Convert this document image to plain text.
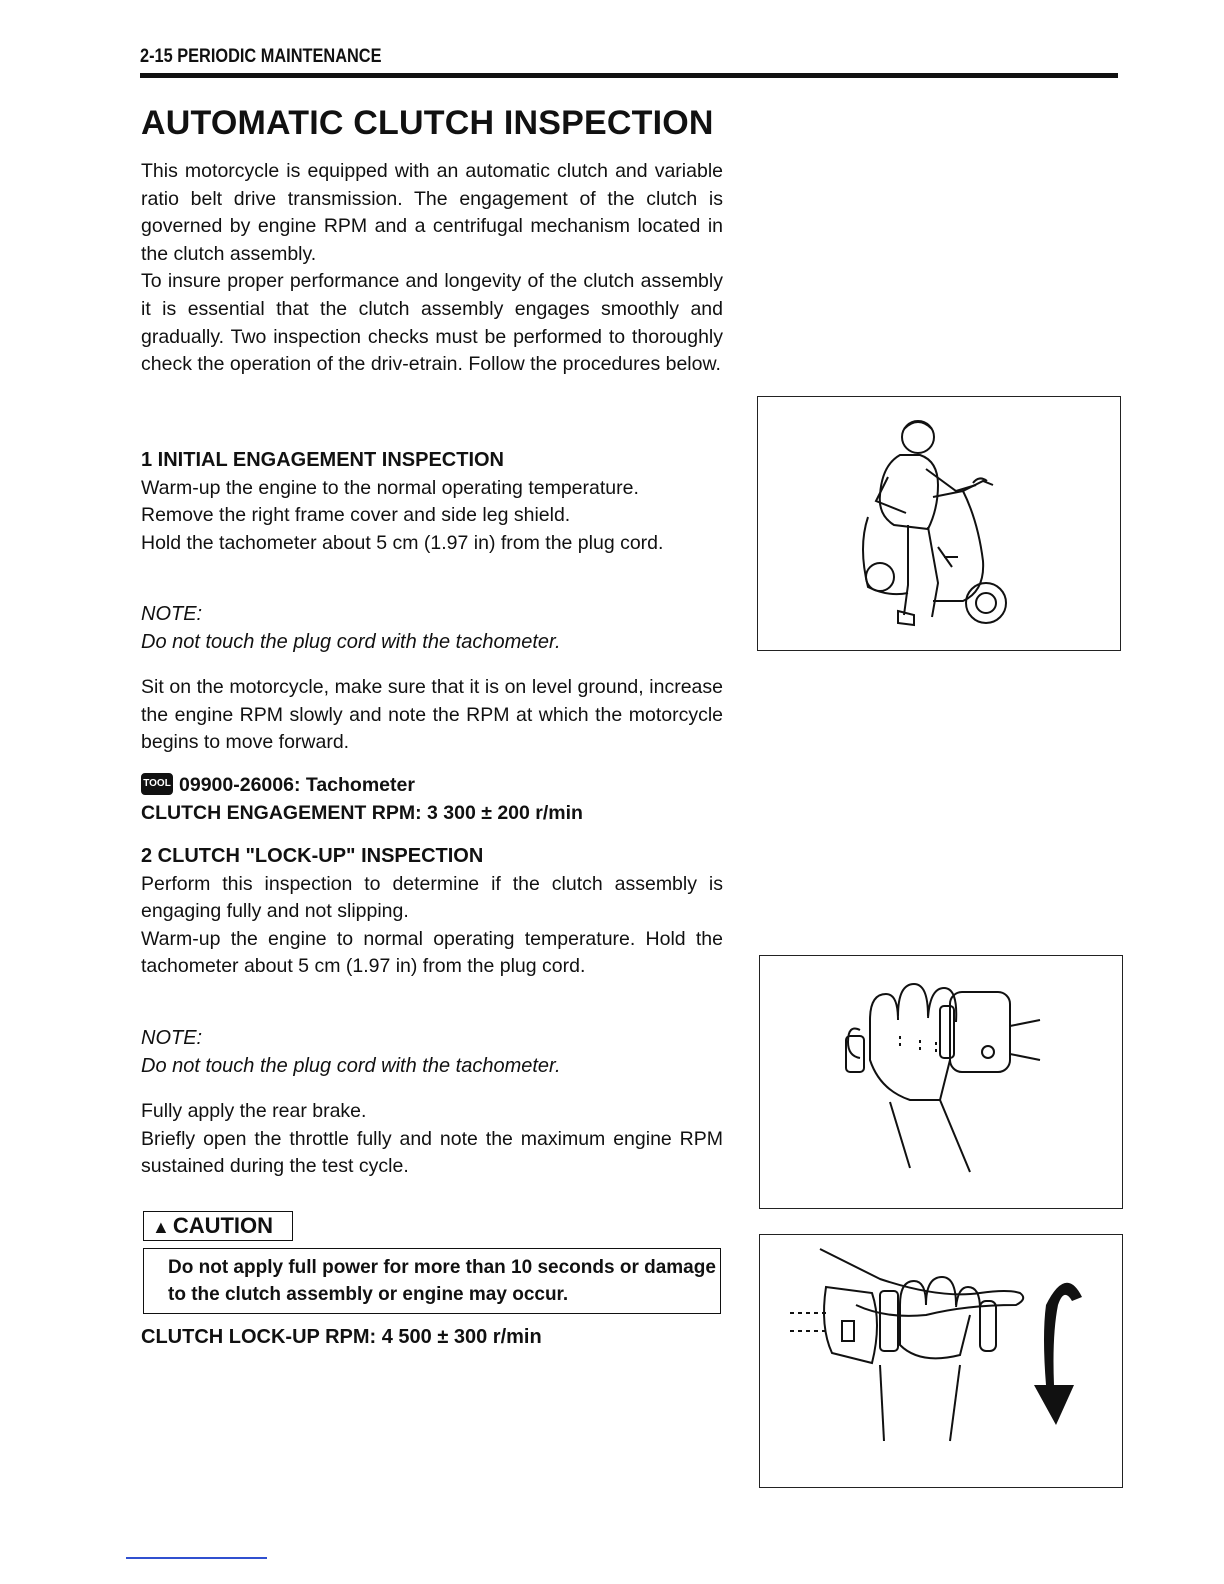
2-15 PERIODIC MAINTENANCE
AUTOMATIC CLUTCH INSPECTION

This motorcycle is equipped with an automatic clutch and variable ratio belt drive transmission. The engagement of the clutch is governed by engine RPM and a centrifugal mechanism located in the clutch assembly.

To insure proper performance and longevity of the clutch assembly it is essential that the clutch assembly engages smoothly and gradually. Two inspection checks must be performed to thoroughly check the operation of the driv-etrain. Follow the procedures below.

1 INITIAL ENGAGEMENT INSPECTION

Warm-up the engine to the normal operating temperature.

Remove the right frame cover and side leg shield.

Hold the tachometer about 5 cm (1.97 in) from the plug cord.

NOTE:

Do not touch the plug cord with the tachometer.

Sit on the motorcycle, make sure that it is on level ground, increase the engine RPM slowly and note the RPM at which the motorcycle begins to move forward.

TOOL 09900-26006: Tachometer

CLUTCH ENGAGEMENT RPM: 3 300 ± 200 r/min

2 CLUTCH "LOCK-UP" INSPECTION

Perform this inspection to determine if the clutch assembly is engaging fully and not slipping.

Warm-up the engine to normal operating temperature. Hold the tachometer about 5 cm (1.97 in) from the plug cord.

NOTE:

Do not touch the plug cord with the tachometer.

Fully apply the rear brake.

Briefly open the throttle fully and note the maximum engine RPM sustained during the test cycle.

▲ CAUTION
Do not apply full power for more than 10 seconds or damage to the clutch assembly or engine may occur.

CLUTCH LOCK-UP RPM: 4 500 ± 300 r/min
